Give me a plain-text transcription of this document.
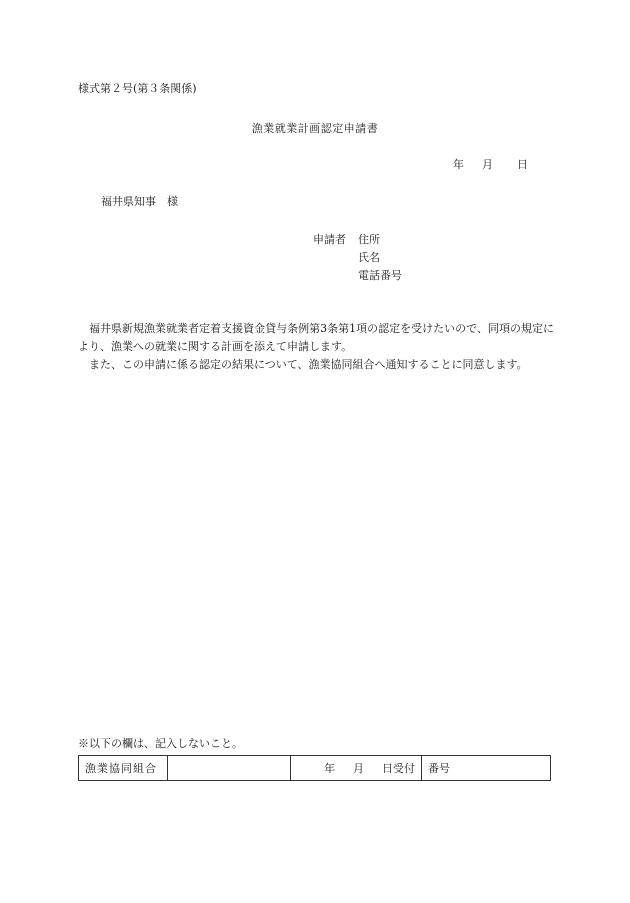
様式第２号(第３条関係)
漁業就業計画認定申請書
年 月 日
福井県知事　様
申請者 住所
氏名
電話番号

福井県新規漁業就業者定着支援資金貸与条例第3条第1項の認定を受けたいので、同項の規定により、漁業への就業に関する計画を添えて申請します。

また、この申請に係る認定の結果について、漁業協同組合へ通知することに同意します。

※以下の欄は、記入しないこと。
漁業協同組合		年 月 日受付	番号
